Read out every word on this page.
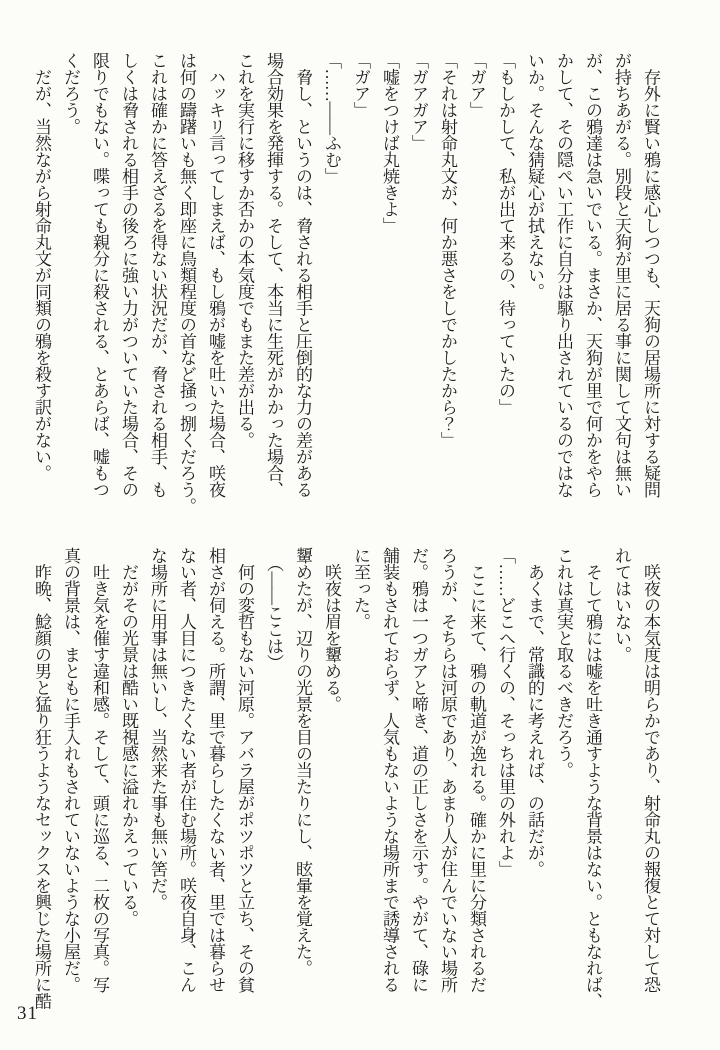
　存外に賢い鴉に感心しつつも、天狗の居場所に対する疑問
が持ちあがる。別段と天狗が里に居る事に関して文句は無い
が、この鴉達は急いでいる。まさか、天狗が里で何かをやら
かして、その隠ぺい工作に自分は駆り出されているのではな
いか。そんな猜疑心が拭えない。
「もしかして、私が出て来るの、待っていたの」
「ガア」
「それは射命丸文が、何か悪さをしでかしたから？」
「ガアガア」
「嘘をつけば丸焼きよ」
「ガア」
「……——ふむ」
　脅し、というのは、脅される相手と圧倒的な力の差がある
場合効果を発揮する。そして、本当に生死がかかった場合、
これを実行に移すか否かの本気度でもまた差が出る。
　ハッキリ言ってしまえば、もし鴉が嘘を吐いた場合、咲夜
は何の躊躇いも無く即座に鳥類程度の首など掻っ捌くだろう。
これは確かに答えざるを得ない状況だが、脅される相手、も
しくは脅される相手の後ろに強い力がついていた場合、その
限りでもない。喋っても親分に殺される、とあらば、嘘もつ
くだろう。
　だが、当然ながら射命丸文が同類の鴉を殺す訳がない。
　咲夜の本気度は明らかであり、射命丸の報復とて対して恐
れてはいない。
　そして鴉には嘘を吐き通すような背景はない。ともなれば、
これは真実と取るべきだろう。
　あくまで、常識的に考えれば、の話だが。
「……どこへ行くの、そっちは里の外れよ」
　ここに来て、鴉の軌道が逸れる。確かに里に分類されるだ
ろうが、そちらは河原であり、あまり人が住んでいない場所
だ。鴉は一つガアと啼き、道の正しさを示す。やがて、碌に
舗装もされておらず、人気もないような場所まで誘導される
に至った。
　咲夜は眉を顰める。
顰めたが、辺りの光景を目の当たりにし、眩暈を覚えた。
　（——ここは）
　何の変哲もない河原。アバラ屋がポツポツと立ち、その貧
相さが伺える。所謂、里で暮らしたくない者、里では暮らせ
ない者、人目につきたくない者が住む場所。咲夜自身、こん
な場所に用事は無いし、当然来た事も無い筈だ。
　だがその光景は酷い既視感に溢れかえっている。
　吐き気を催す違和感。そして、頭に巡る、二枚の写真。写
真の背景は、まともに手入れもされていないような小屋だ。
　昨晩、鯰顔の男と猛り狂うようなセックスを興じた場所に酷
31
